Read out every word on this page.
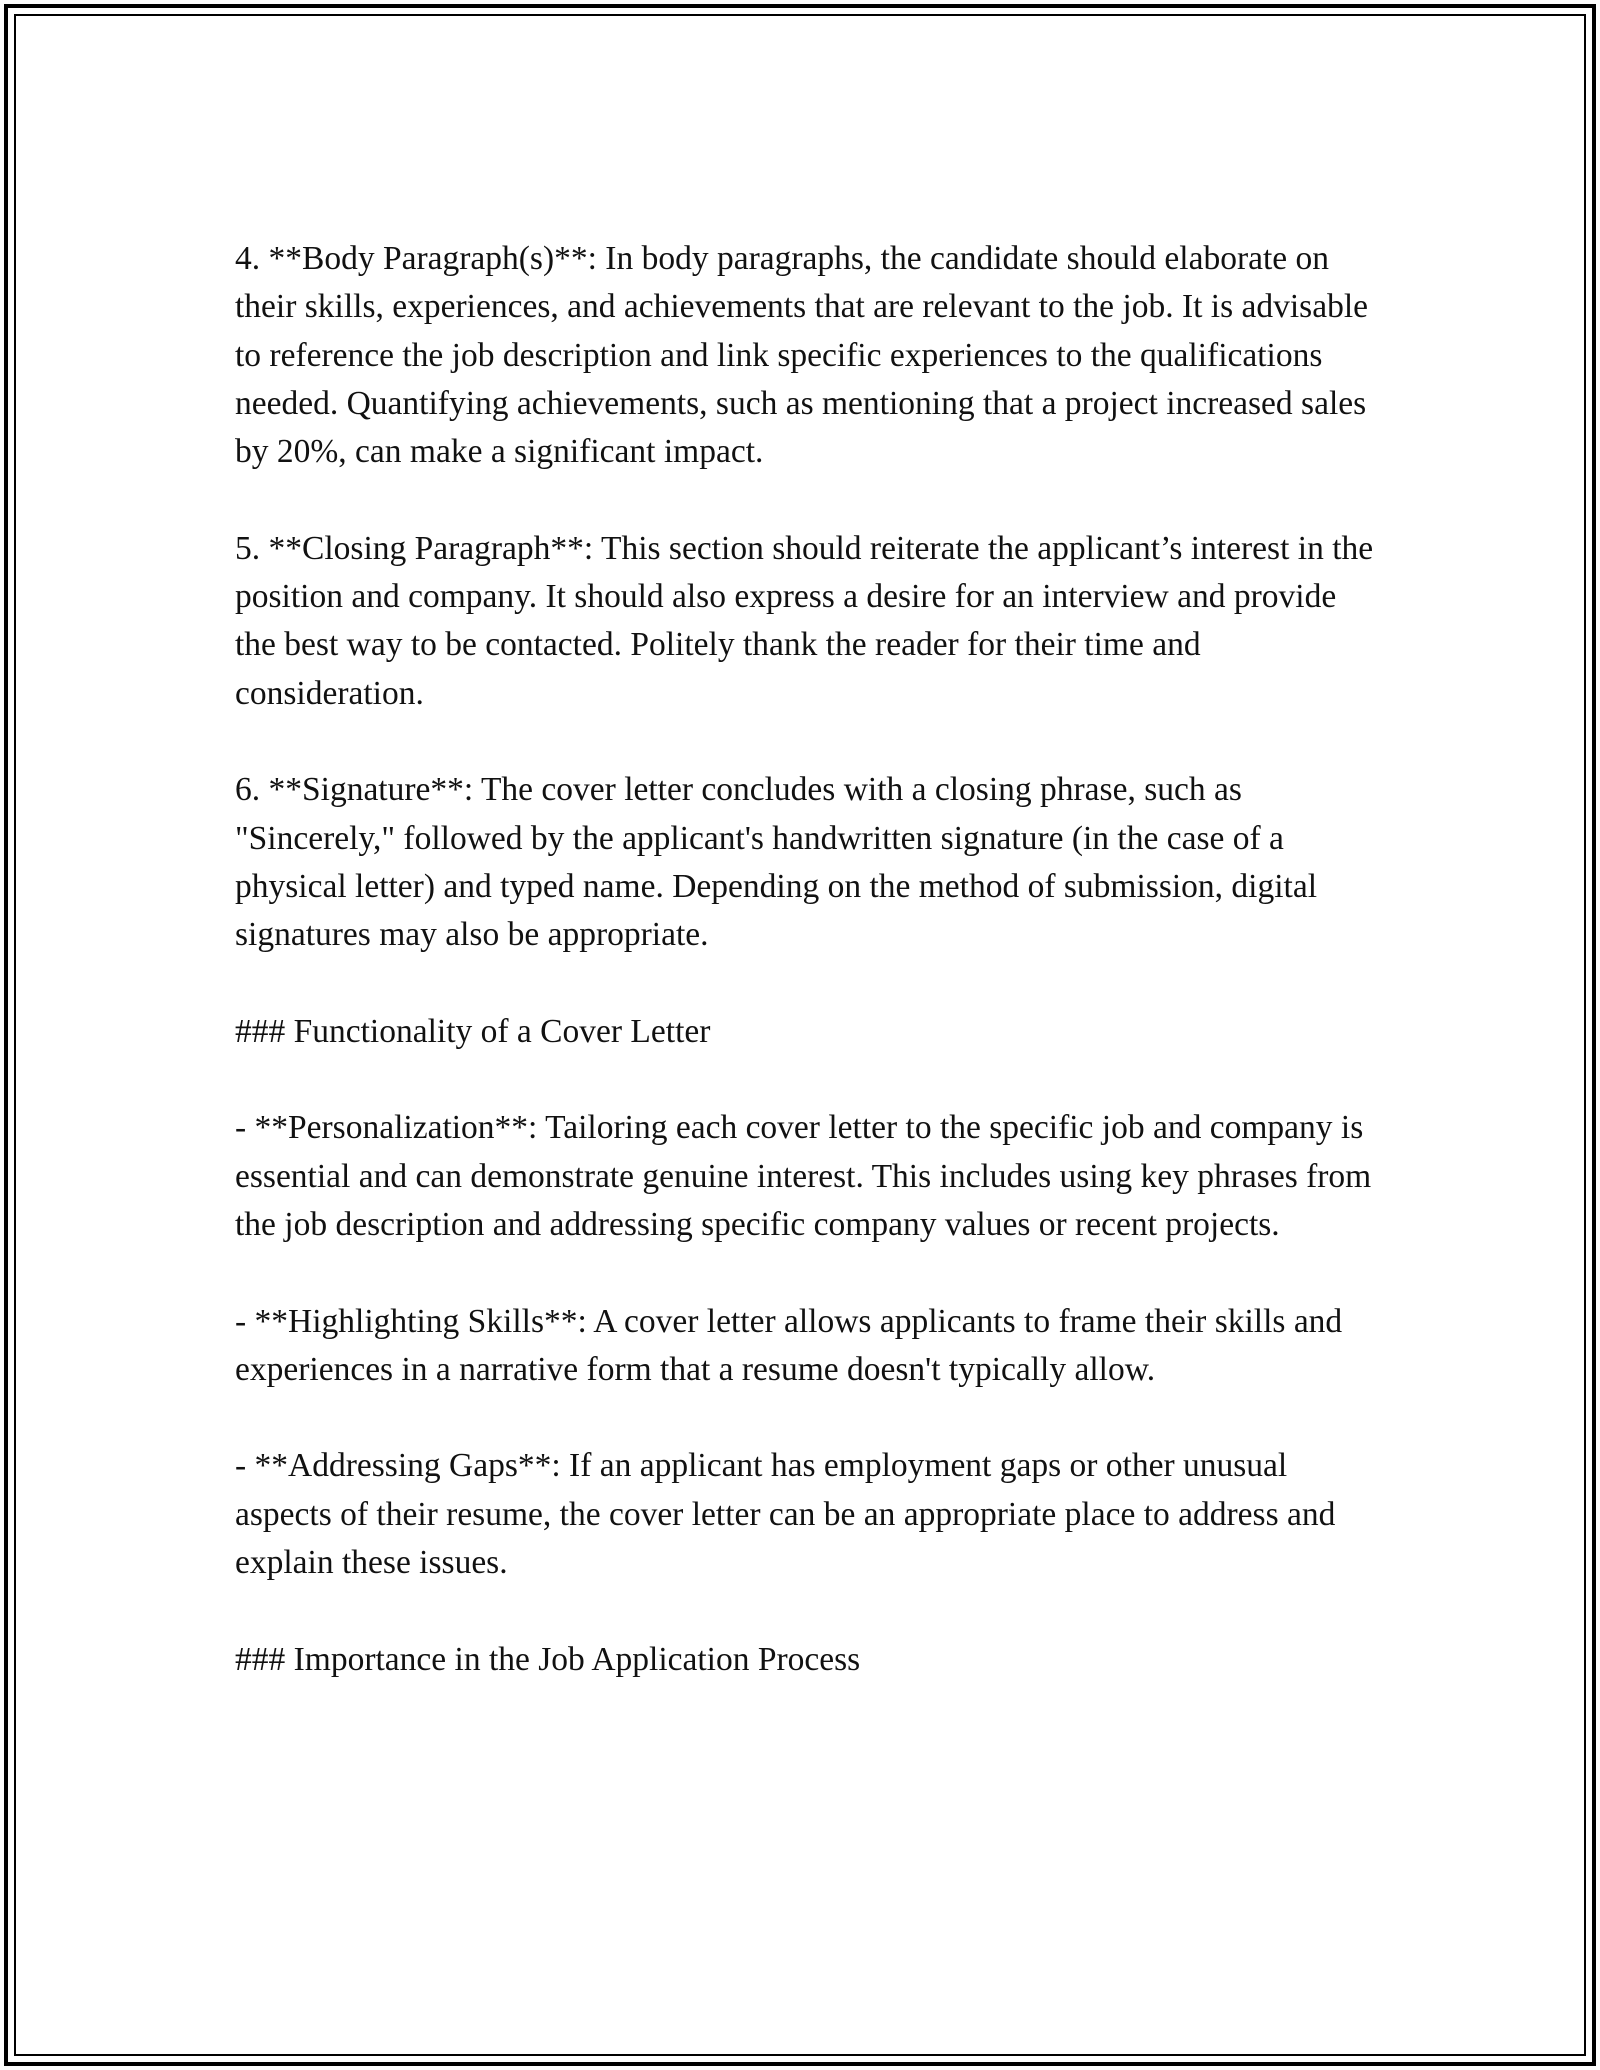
4. **Body Paragraph(s)**: In body paragraphs, the candidate should elaborate on their skills, experiences, and achievements that are relevant to the job. It is advisable to reference the job description and link specific experiences to the qualifications needed. Quantifying achievements, such as mentioning that a project increased sales by 20%, can make a significant impact.

5. **Closing Paragraph**: This section should reiterate the applicant’s interest in the position and company. It should also express a desire for an interview and provide the best way to be contacted. Politely thank the reader for their time and consideration.

6. **Signature**: The cover letter concludes with a closing phrase, such as "Sincerely," followed by the applicant's handwritten signature (in the case of a physical letter) and typed name. Depending on the method of submission, digital signatures may also be appropriate.

### Functionality of a Cover Letter

- **Personalization**: Tailoring each cover letter to the specific job and company is essential and can demonstrate genuine interest. This includes using key phrases from the job description and addressing specific company values or recent projects.

- **Highlighting Skills**: A cover letter allows applicants to frame their skills and experiences in a narrative form that a resume doesn't typically allow.

- **Addressing Gaps**: If an applicant has employment gaps or other unusual aspects of their resume, the cover letter can be an appropriate place to address and explain these issues.

### Importance in the Job Application Process
